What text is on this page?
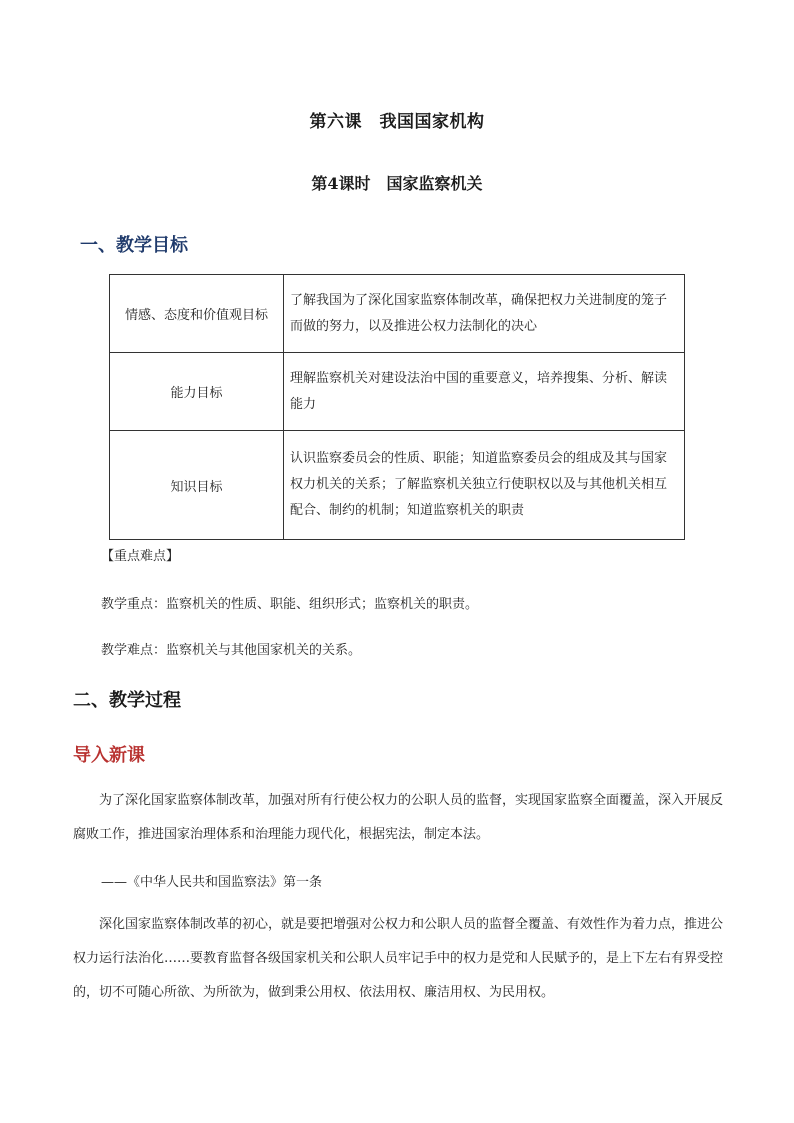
第六课　我国国家机构
第4课时　国家监察机关
一、教学目标
情感、态度和价值观目标	了解我国为了深化国家监察体制改革，确保把权力关进制度的笼子而做的努力，以及推进公权力法制化的决心
能力目标	理解监察机关对建设法治中国的重要意义，培养搜集、分析、解读能力
知识目标	认识监察委员会的性质、职能；知道监察委员会的组成及其与国家权力机关的关系；了解监察机关独立行使职权以及与其他机关相互配合、制约的机制；知道监察机关的职责
【重点难点】
教学重点：监察机关的性质、职能、组织形式；监察机关的职责。
教学难点：监察机关与其他国家机关的关系。
二、教学过程
导入新课
为了深化国家监察体制改革，加强对所有行使公权力的公职人员的监督，实现国家监察全面覆盖，深入开展反腐败工作，推进国家治理体系和治理能力现代化，根据宪法，制定本法。
——《中华人民共和国监察法》第一条
深化国家监察体制改革的初心，就是要把增强对公权力和公职人员的监督全覆盖、有效性作为着力点，推进公权力运行法治化……要教育监督各级国家机关和公职人员牢记手中的权力是党和人民赋予的，是上下左右有界受控的，切不可随心所欲、为所欲为，做到秉公用权、依法用权、廉洁用权、为民用权。
